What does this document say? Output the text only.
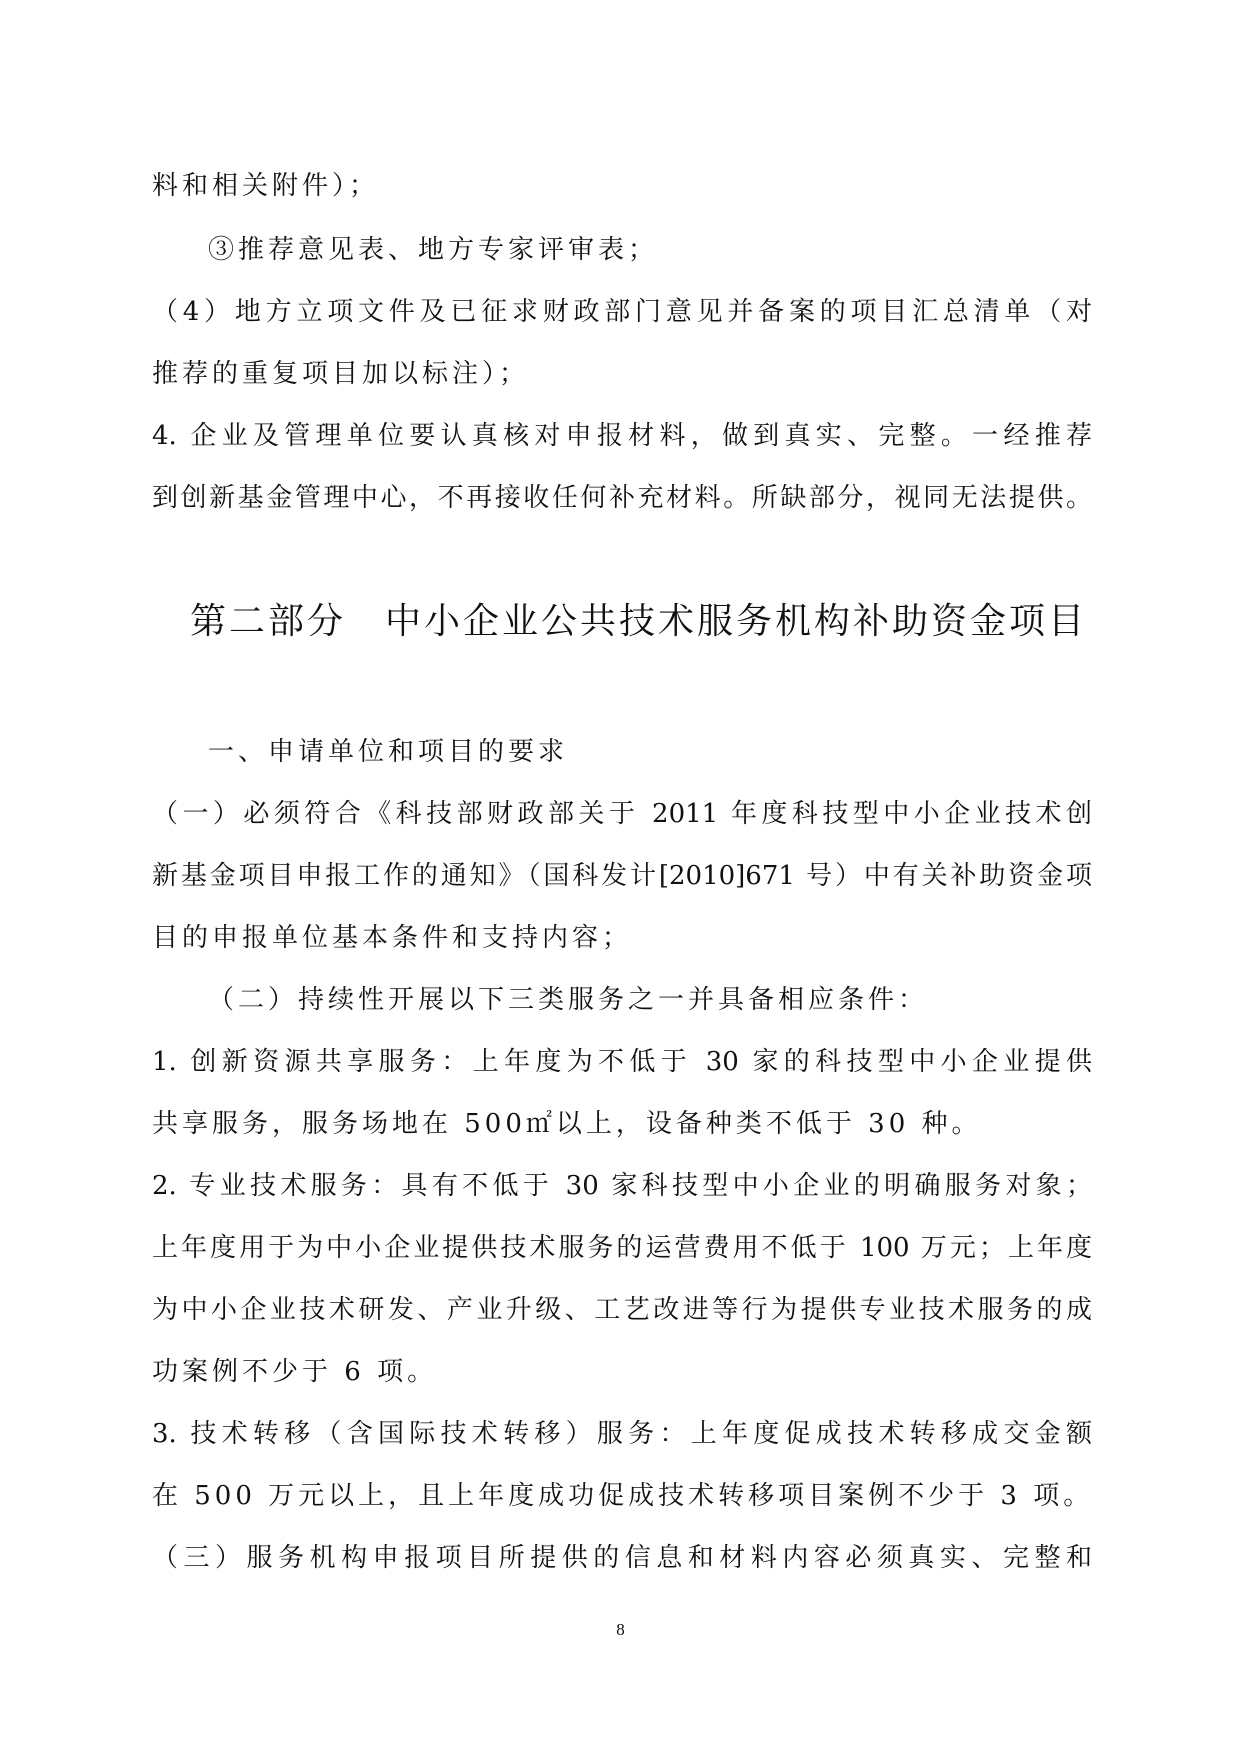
料和相关附件）；
③推荐意见表、地方专家评审表；
（4）地方立项文件及已征求财政部门意见并备案的项目汇总清单（对
推荐的重复项目加以标注）；
4. 企业及管理单位要认真核对申报材料，做到真实、完整。一经推荐
到创新基金管理中心，不再接收任何补充材料。所缺部分，视同无法提供。
第二部分　中小企业公共技术服务机构补助资金项目
一、申请单位和项目的要求
（一）必须符合《科技部财政部关于 2011 年度科技型中小企业技术创
新基金项目申报工作的通知》（国科发计[2010]671 号）中有关补助资金项
目的申报单位基本条件和支持内容；
（二）持续性开展以下三类服务之一并具备相应条件：
1. 创新资源共享服务：上年度为不低于 30 家的科技型中小企业提供
共享服务，服务场地在 500㎡以上，设备种类不低于 30 种。
2. 专业技术服务：具有不低于 30 家科技型中小企业的明确服务对象；
上年度用于为中小企业提供技术服务的运营费用不低于 100 万元；上年度
为中小企业技术研发、产业升级、工艺改进等行为提供专业技术服务的成
功案例不少于 6 项。
3. 技术转移（含国际技术转移）服务：上年度促成技术转移成交金额
在 500 万元以上，且上年度成功促成技术转移项目案例不少于 3 项。
（三）服务机构申报项目所提供的信息和材料内容必须真实、完整和
8
